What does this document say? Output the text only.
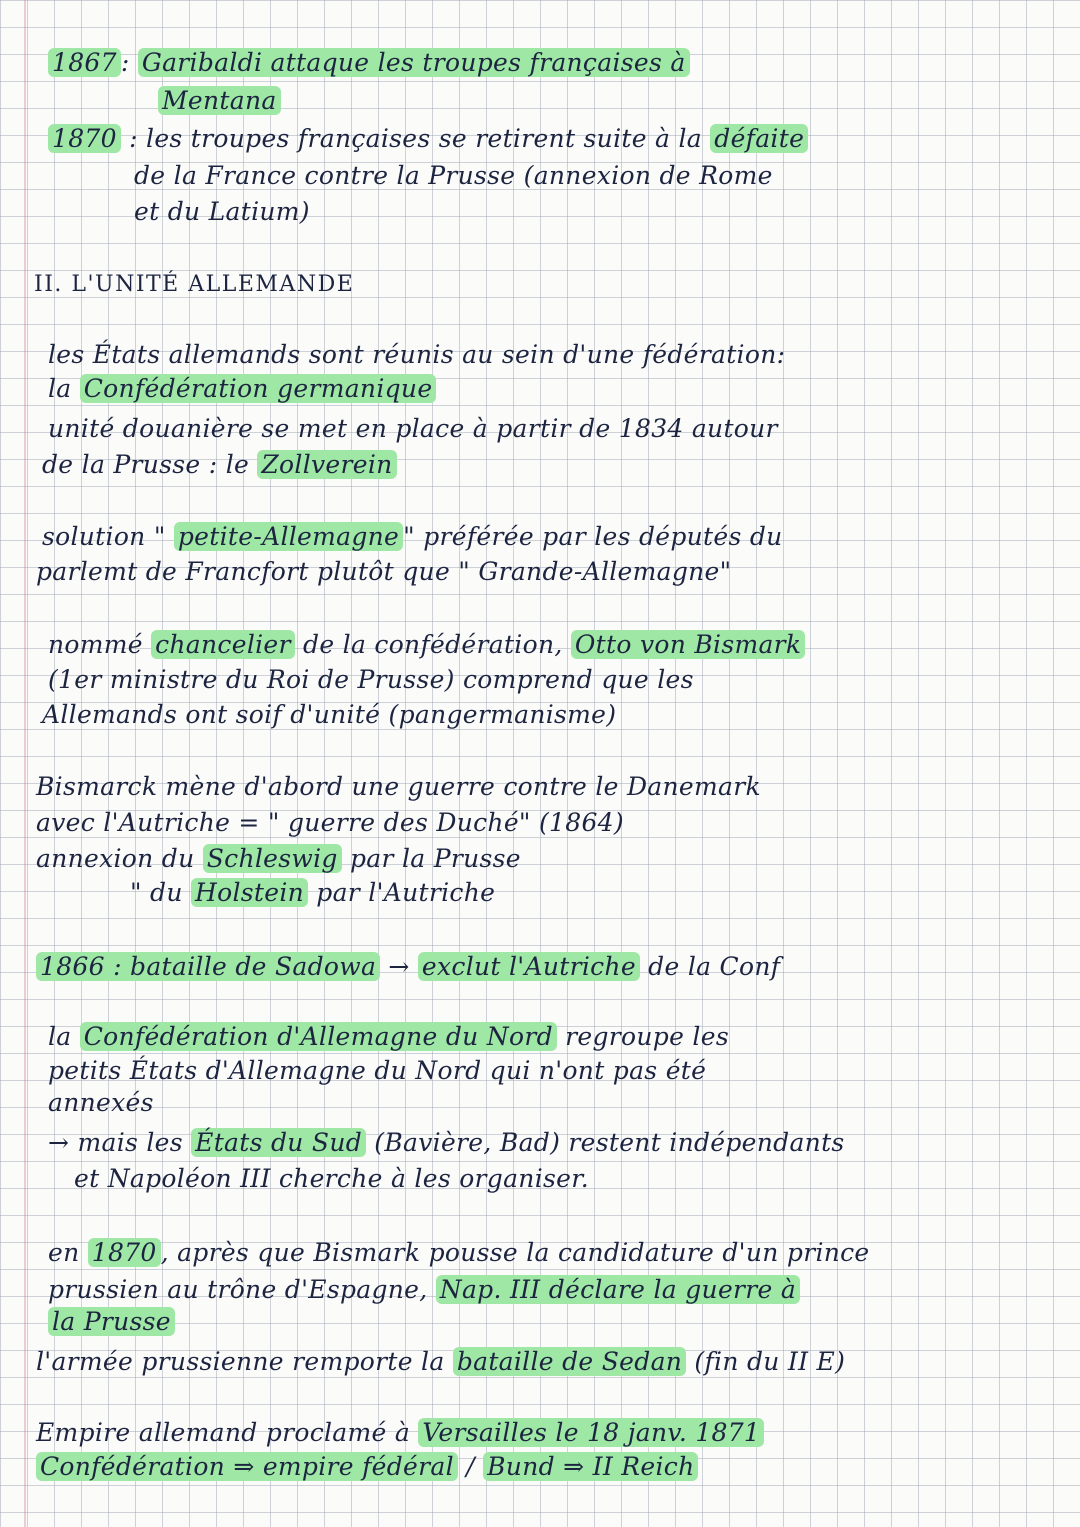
1867 : Garibaldi attaque les troupes françaises à
Mentana
1870 : les troupes françaises se retirent suite à la défaite
de la France contre la Prusse (annexion de Rome
et du Latium)
II. L'UNITÉ ALLEMANDE
les États allemands sont réunis au sein d'une fédération:
la Confédération germanique
unité douanière se met en place à partir de 1834 autour
de la Prusse : le Zollverein
solution " petite-Allemagne " préférée par les députés du
parlemt de Francfort plutôt que " Grande-Allemagne"
nommé chancelier de la confédération, Otto von Bismark
(1er ministre du Roi de Prusse) comprend que les
Allemands ont soif d'unité (pangermanisme)
Bismarck mène d'abord une guerre contre le Danemark
avec l'Autriche = " guerre des Duché" (1864)
annexion du Schleswig par la Prusse
" du Holstein par l'Autriche
1866 : bataille de Sadowa → exclut l'Autriche de la Conf
la Confédération d'Allemagne du Nord regroupe les
petits États d'Allemagne du Nord qui n'ont pas été
annexés
→ mais les États du Sud (Bavière, Bad) restent indépendants
et Napoléon III cherche à les organiser.
en 1870 , après que Bismark pousse la candidature d'un prince
prussien au trône d'Espagne, Nap. III déclare la guerre à
la Prusse
l'armée prussienne remporte la bataille de Sedan (fin du II E)
Empire allemand proclamé à Versailles le 18 janv. 1871
Confédération ⇒ empire fédéral / Bund ⇒ II Reich
